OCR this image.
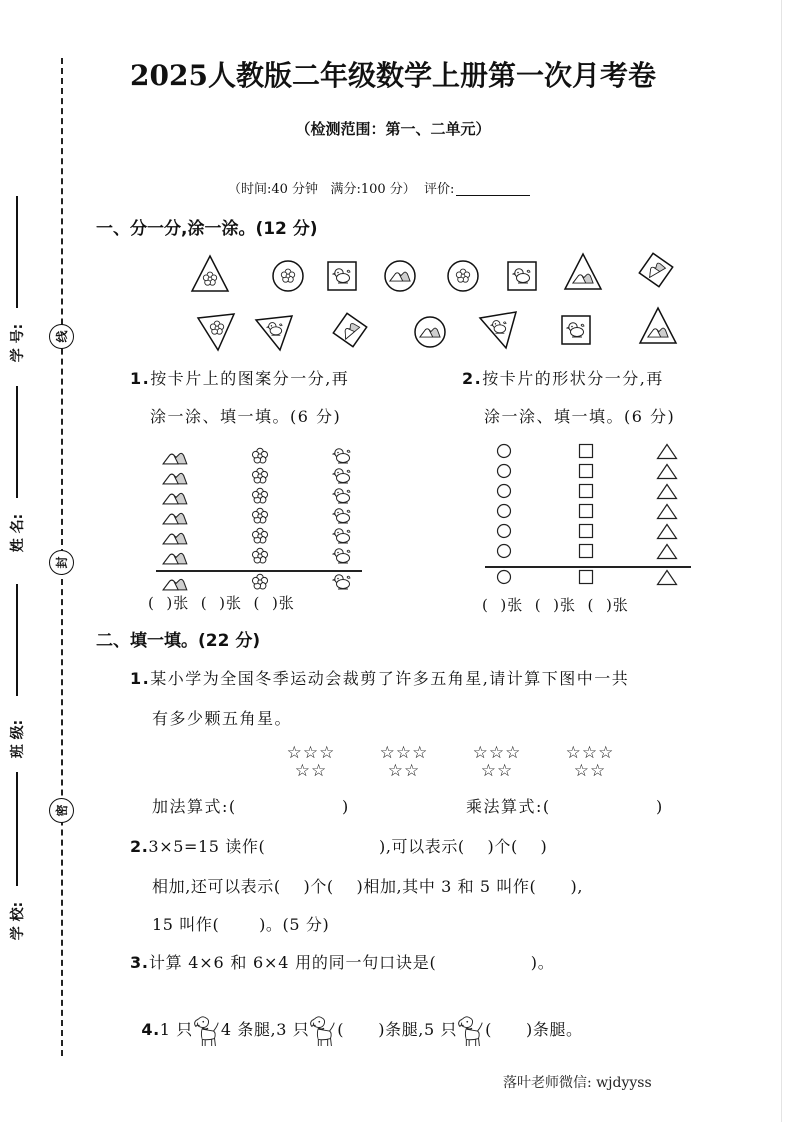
线
封
密
学 号:
姓 名:
班 级:
学 校:
2025人教版二年级数学上册第一次月考卷
（检测范围：第一、二单元）
（时间:40 分钟   满分:100 分）  评价:
一、分一分,涂一涂。(12 分)
1.按卡片上的图案分一分,再
涂一涂、填一填。(6 分)
(  )张  (  )张  (  )张
2.按卡片的形状分一分,再
涂一涂、填一填。(6 分)
(  )张  (  )张  (  )张
二、填一填。(22 分)
1.某小学为全国冬季运动会裁剪了许多五角星,请计算下图中一共
有多少颗五角星。
☆☆☆
☆☆
☆☆☆
☆☆
☆☆☆
☆☆
☆☆☆
☆☆
加法算式:(                )	乘法算式:(                )
2.3×5=15 读作(                    ),可以表示(    )个(    )
相加,还可以表示(    )个(    )相加,其中 3 和 5 叫作(      ),
15 叫作(       )。(5 分)
3.计算 4×6 和 6×4 用的同一句口诀是(                )。

4.1 只 4 条腿,3 只 (      )条腿,5 只 (      )条腿。

落叶老师微信: wjdyyss
